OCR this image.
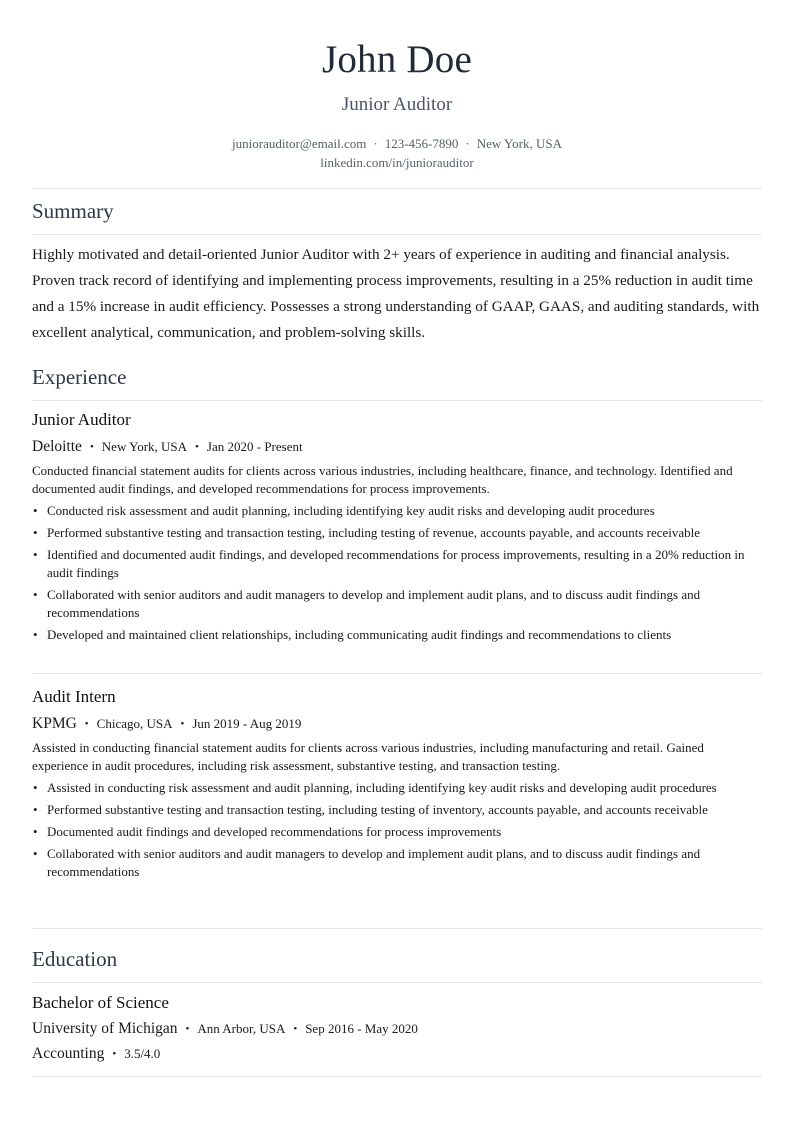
John Doe
Junior Auditor
juniorauditor@email.com · 123-456-7890 · New York, USA
linkedin.com/in/juniorauditor
Summary

Highly motivated and detail-oriented Junior Auditor with 2+ years of experience in auditing and financial analysis. Proven track record of identifying and implementing process improvements, resulting in a 25% reduction in audit time and a 15% increase in audit efficiency. Possesses a strong understanding of GAAP, GAAS, and auditing standards, with excellent analytical, communication, and problem-solving skills.

Experience
Junior Auditor
Deloitte • New York, USA • Jan 2020 - Present

Conducted financial statement audits for clients across various industries, including healthcare, finance, and technology. Identified and documented audit findings, and developed recommendations for process improvements.

• Conducted risk assessment and audit planning, including identifying key audit risks and developing audit procedures
• Performed substantive testing and transaction testing, including testing of revenue, accounts payable, and accounts receivable
• Identified and documented audit findings, and developed recommendations for process improvements, resulting in a 20% reduction in audit findings
• Collaborated with senior auditors and audit managers to develop and implement audit plans, and to discuss audit findings and recommendations
• Developed and maintained client relationships, including communicating audit findings and recommendations to clients
Audit Intern
KPMG • Chicago, USA • Jun 2019 - Aug 2019

Assisted in conducting financial statement audits for clients across various industries, including manufacturing and retail. Gained experience in audit procedures, including risk assessment, substantive testing, and transaction testing.

• Assisted in conducting risk assessment and audit planning, including identifying key audit risks and developing audit procedures
• Performed substantive testing and transaction testing, including testing of inventory, accounts payable, and accounts receivable
• Documented audit findings and developed recommendations for process improvements
• Collaborated with senior auditors and audit managers to develop and implement audit plans, and to discuss audit findings and recommendations
Education
Bachelor of Science
University of Michigan • Ann Arbor, USA • Sep 2016 - May 2020
Accounting • 3.5/4.0
